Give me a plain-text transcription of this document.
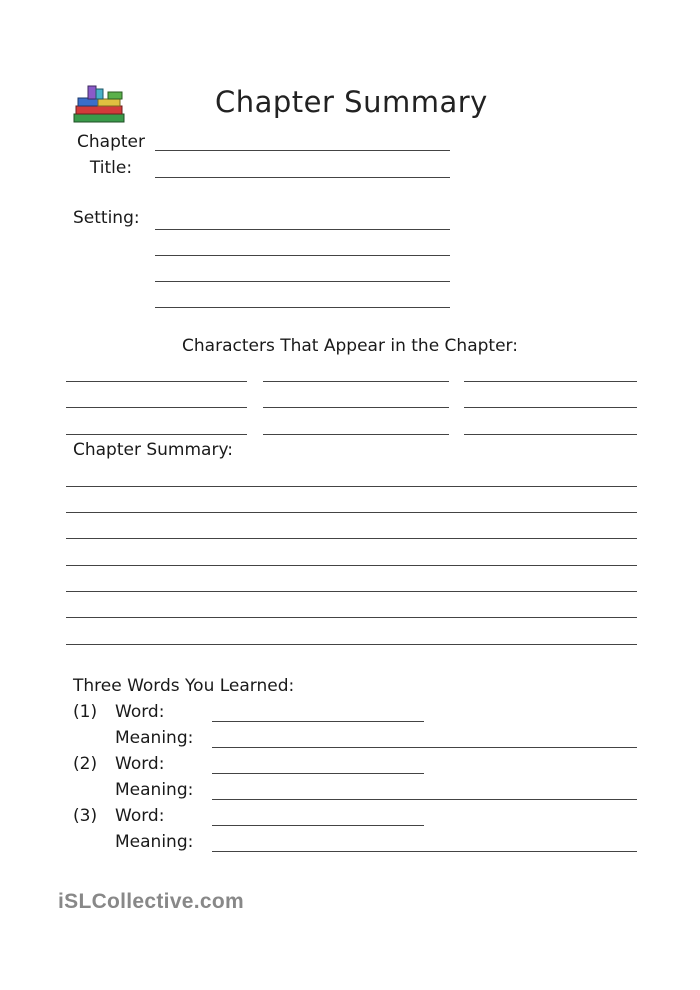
Chapter Summary
Chapter
Title:
Setting:
Characters That Appear in the Chapter:
Chapter Summary:
Three Words You Learned:
(1) Word:
Meaning:
(2) Word:
Meaning:
(3) Word:
Meaning:
iSLCollective.com
